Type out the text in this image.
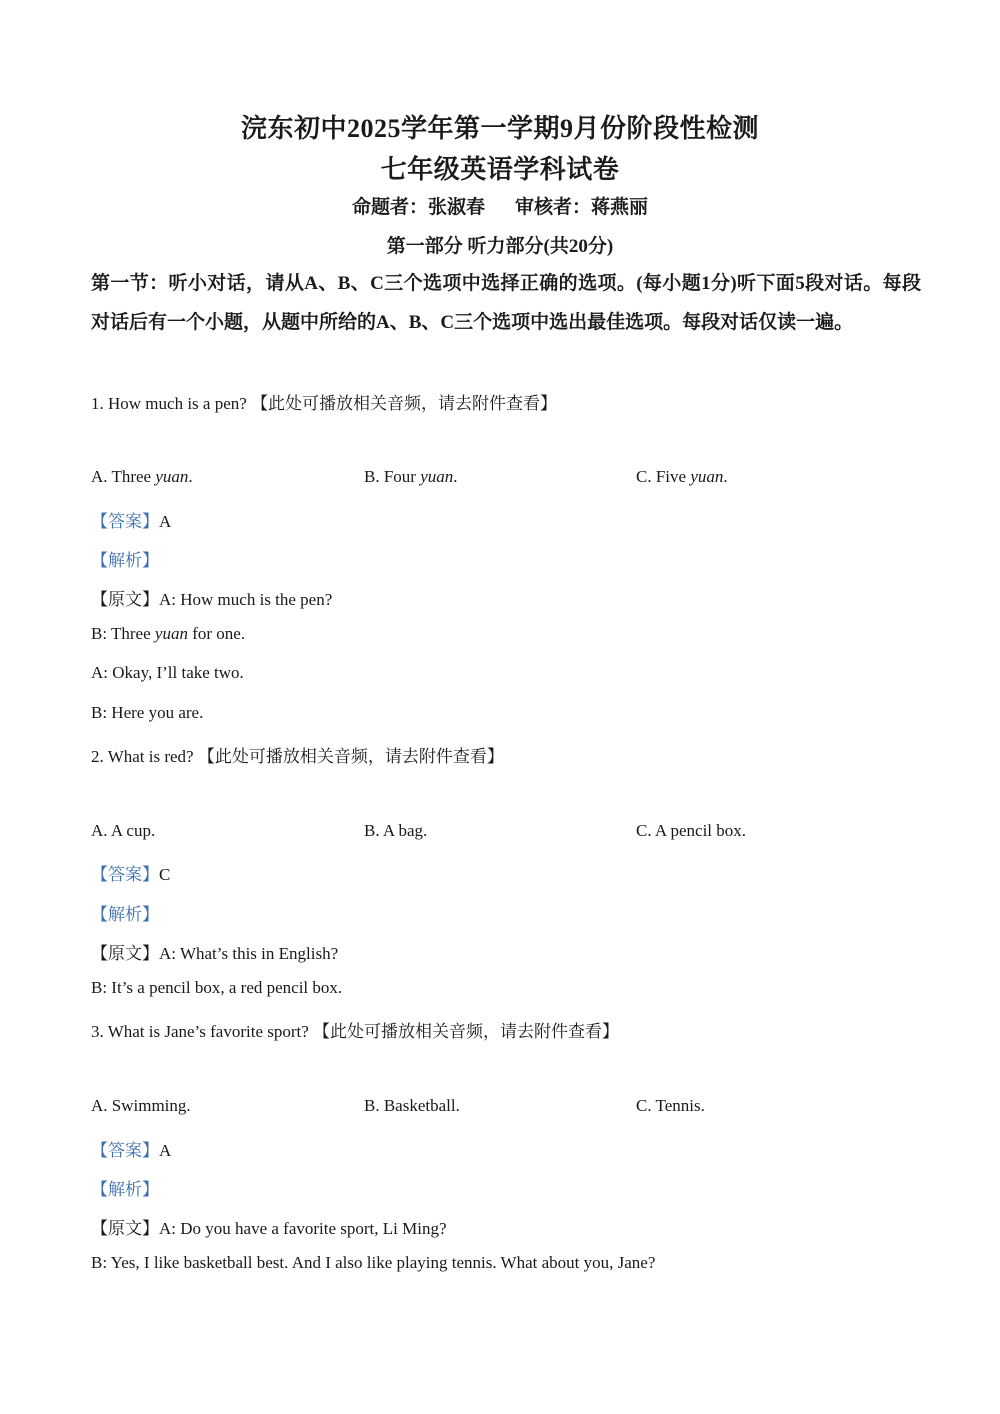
浣东初中2025学年第一学期9月份阶段性检测
七年级英语学科试卷
命题者：张淑春 审核者：蒋燕丽
第一部分 听力部分(共20分)
第一节：听小对话，请从A、B、C三个选项中选择正确的选项。(每小题1分)听下面5段对话。每段对话后有一个小题，从题中所给的A、B、C三个选项中选出最佳选项。每段对话仅读一遍。
1. How much is a pen? 【此处可播放相关音频，请去附件查看】
A. Three yuan.	B. Four yuan.	C. Five yuan.
【答案】A
【解析】
【原文】A: How much is the pen?
B: Three yuan for one.
A: Okay, I’ll take two.
B: Here you are.
2. What is red? 【此处可播放相关音频，请去附件查看】
A. A cup.	B. A bag.	C. A pencil box.
【答案】C
【解析】
【原文】A: What’s this in English?
B: It’s a pencil box, a red pencil box.
3. What is Jane’s favorite sport? 【此处可播放相关音频，请去附件查看】
A. Swimming.	B. Basketball.	C. Tennis.
【答案】A
【解析】
【原文】A: Do you have a favorite sport, Li Ming?
B: Yes, I like basketball best. And I also like playing tennis. What about you, Jane?
